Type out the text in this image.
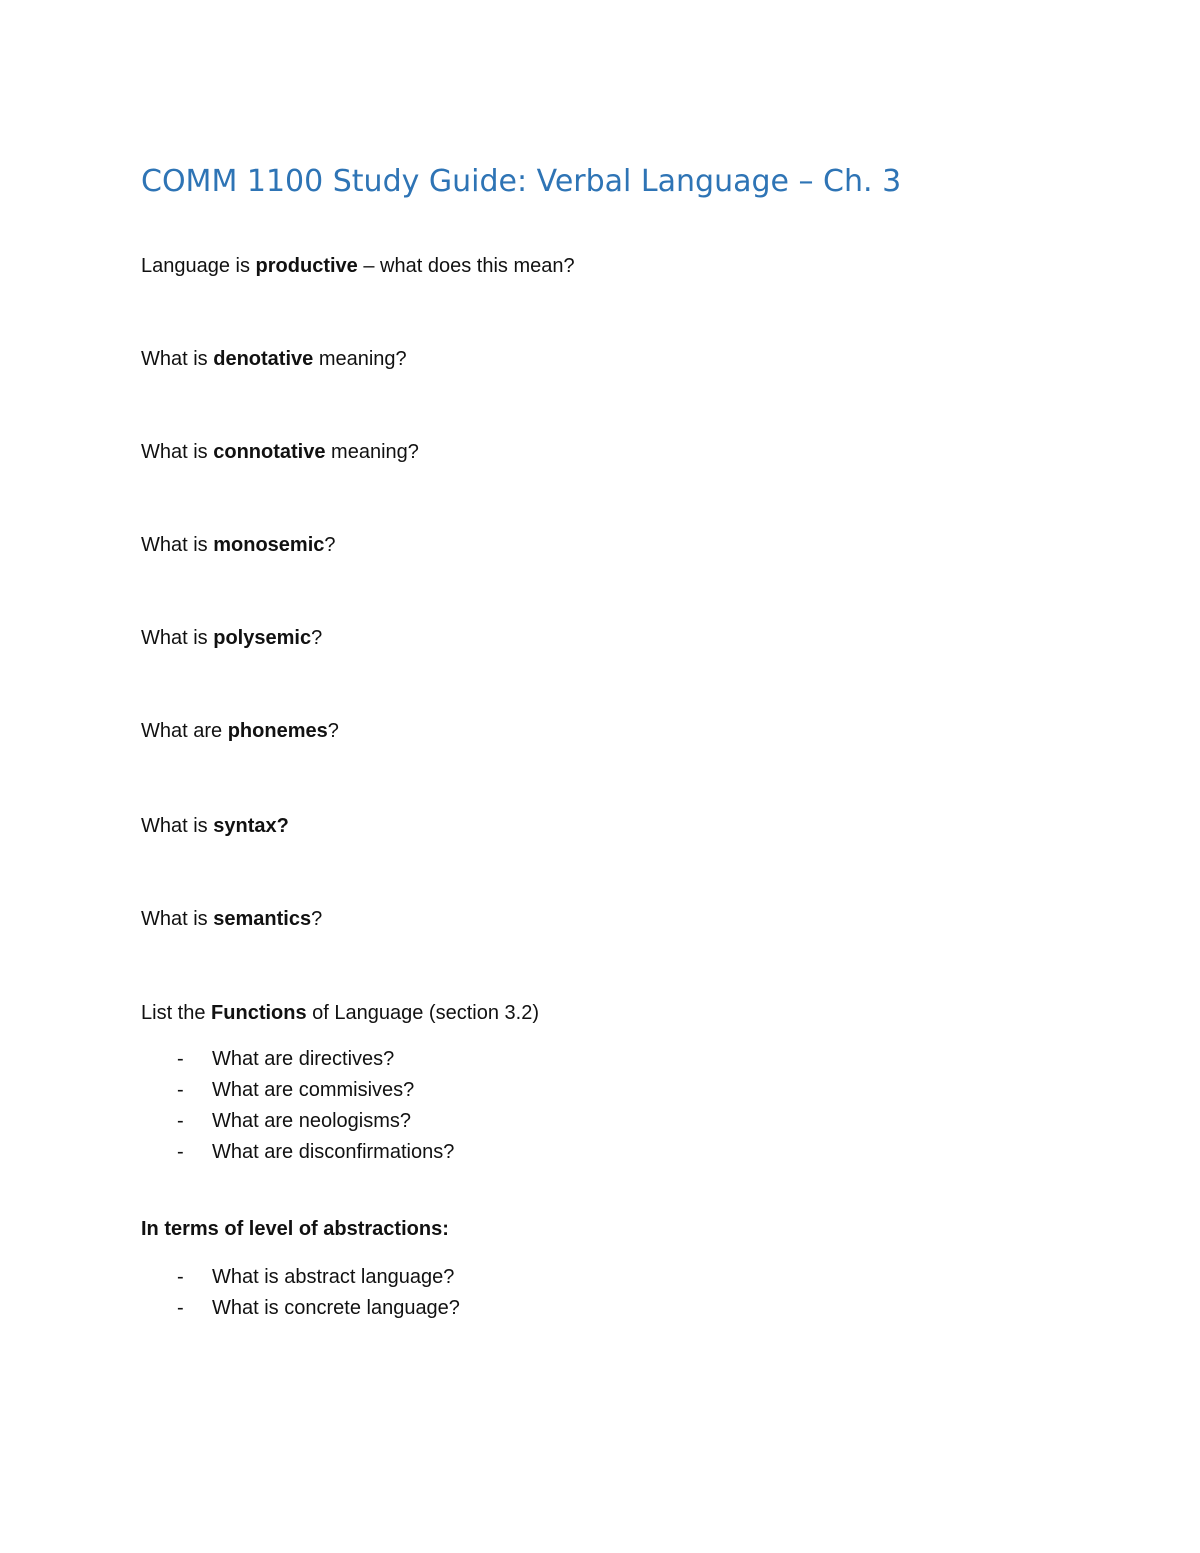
COMM 1100 Study Guide: Verbal Language – Ch. 3

Language is productive – what does this mean?

What is denotative meaning?

What is connotative meaning?

What is monosemic?

What is polysemic?

What are phonemes?

What is syntax?

What is semantics?

List the Functions of Language (section 3.2)

- What are directives?
- What are commisives?
- What are neologisms?
- What are disconfirmations?

In terms of level of abstractions:

- What is abstract language?
- What is concrete language?
